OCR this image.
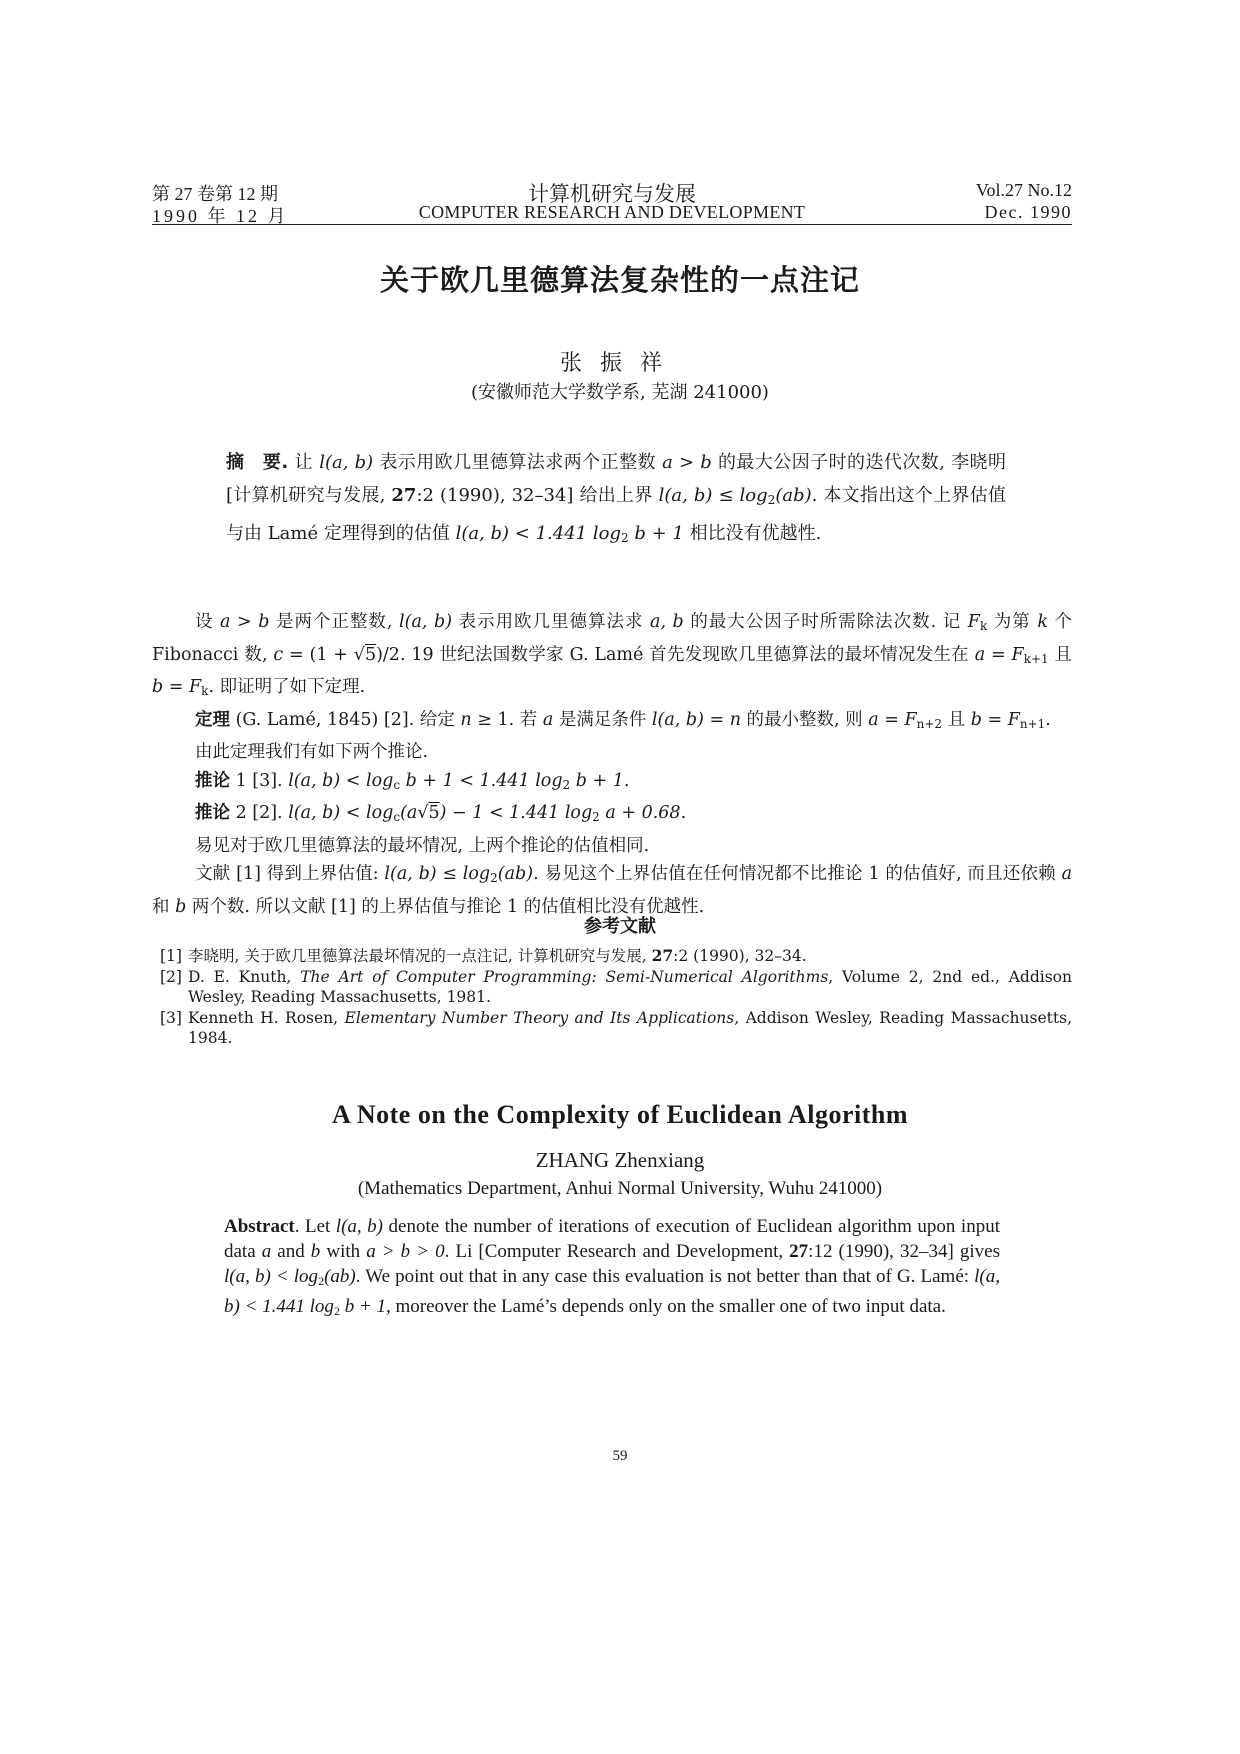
第 27 卷第 12 期
1990 年 12 月
计算机研究与发展
COMPUTER RESEARCH AND DEVELOPMENT
Vol.27 No.12
Dec. 1990
关于欧几里德算法复杂性的一点注记
张振祥
(安徽师范大学数学系, 芜湖 241000)
摘　要. 让 l(a, b) 表示用欧几里德算法求两个正整数 a > b 的最大公因子时的迭代次数, 李晓明 [计算机研究与发展, 27:2 (1990), 32–34] 给出上界 l(a, $b) \le \log_2(ab)$. 本文指出这个上界估值与由 Lamé 定理得到的估值 l(a, b) < 1.441 $\log_2 b + 1$ 相比没有优越性.

设 a > b 是两个正整数, l(a, b) 表示用欧几里德算法求 a, b 的最大公因子时所需除法次数. 记 $F_k$ 为第 k 个 Fibonacci 数, c = (1 + √5)/2. 19 世纪法国数学家 G. Lamé 首先发现欧几里德算法的最坏情况发生在 $a = F_{k+1}$ 且 $b = F_k$. 即证明了如下定理.

定理 (G. Lamé, 1845) [2]. 给定 n ≥ 1. 若 a 是满足条件 l(a, b) = n 的最小整数, 则 $a = F_{n+2}$ 且 $b = F_{n+1}$.

由此定理我们有如下两个推论.

推论 1 [3]. l(a, $b) < \log_c b + 1 < 1.441$ $\log_2 b + 1$.

推论 2 [2]. l(a, $b) < \log_c(a√5) - 1 < 1.441$ $\log_2 a + 0.68$.

易见对于欧几里德算法的最坏情况, 上两个推论的估值相同.

文献 [1] 得到上界估值: l(a, $b) \le \log_2(ab)$. 易见这个上界估值在任何情况都不比推论 1 的估值好, 而且还依赖 a 和 b 两个数. 所以文献 [1] 的上界估值与推论 1 的估值相比没有优越性.

参考文献
[1] 李晓明, 关于欧几里德算法最坏情况的一点注记, 计算机研究与发展, 27:2 (1990), 32–34.
[2] D. E. Knuth, The Art of Computer Programming: Semi-Numerical Algorithms, Volume 2, 2nd ed., Addison Wesley, Reading Massachusetts, 1981.
[3] Kenneth H. Rosen, Elementary Number Theory and Its Applications, Addison Wesley, Reading Massachusetts, 1984.
A Note on the Complexity of Euclidean Algorithm
ZHANG Zhenxiang
(Mathematics Department, Anhui Normal University, Wuhu 241000)
Abstract. Let l(a, b) denote the number of iterations of execution of Euclidean algorithm upon input data a and b with a > b > 0. Li [Computer Research and Development, 27:12 (1990), 32–34] gives l(a, $b) < \log_2(ab)$. We point out that in any case this evaluation is not better than that of G. Lamé: l(a, b) < 1.441 $\log_2 b + 1$, moreover the Lamé’s depends only on the smaller one of two input data.
59
